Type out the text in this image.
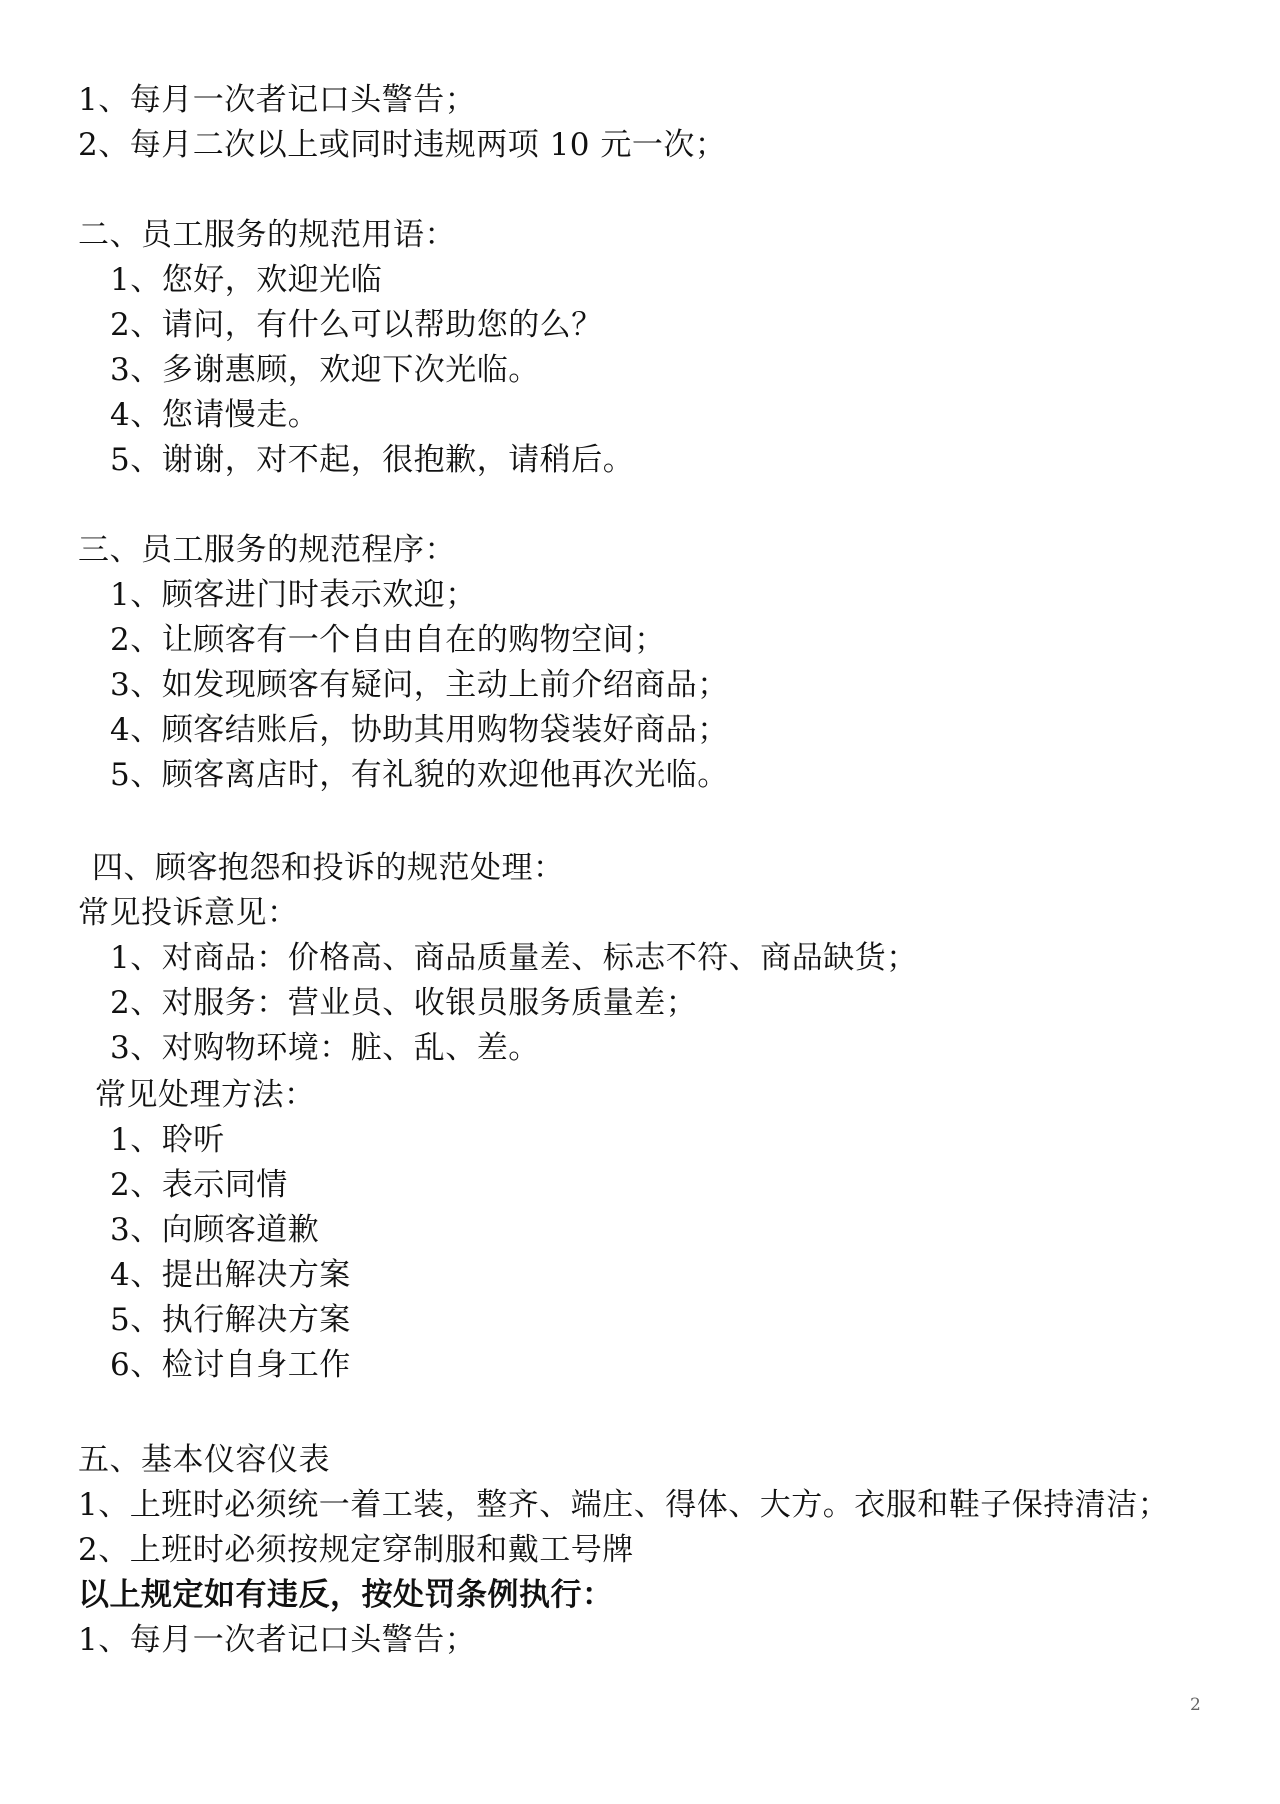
1、每月一次者记口头警告；
2、每月二次以上或同时违规两项 10 元一次；
二、员工服务的规范用语：
1、您好，欢迎光临
2、请问，有什么可以帮助您的么？
3、多谢惠顾，欢迎下次光临。
4、您请慢走。
5、谢谢，对不起，很抱歉，请稍后。
三、员工服务的规范程序：
1、顾客进门时表示欢迎；
2、让顾客有一个自由自在的购物空间；
3、如发现顾客有疑问，主动上前介绍商品；
4、顾客结账后，协助其用购物袋装好商品；
5、顾客离店时，有礼貌的欢迎他再次光临。
四、顾客抱怨和投诉的规范处理：
常见投诉意见：
1、对商品：价格高、商品质量差、标志不符、商品缺货；
2、对服务：营业员、收银员服务质量差；
3、对购物环境：脏、乱、差。
常见处理方法：
1、聆听
2、表示同情
3、向顾客道歉
4、提出解决方案
5、执行解决方案
6、检讨自身工作
五、基本仪容仪表
1、上班时必须统一着工装，整齐、端庄、得体、大方。衣服和鞋子保持清洁；
2、上班时必须按规定穿制服和戴工号牌
以上规定如有违反，按处罚条例执行：
1、每月一次者记口头警告；
2
